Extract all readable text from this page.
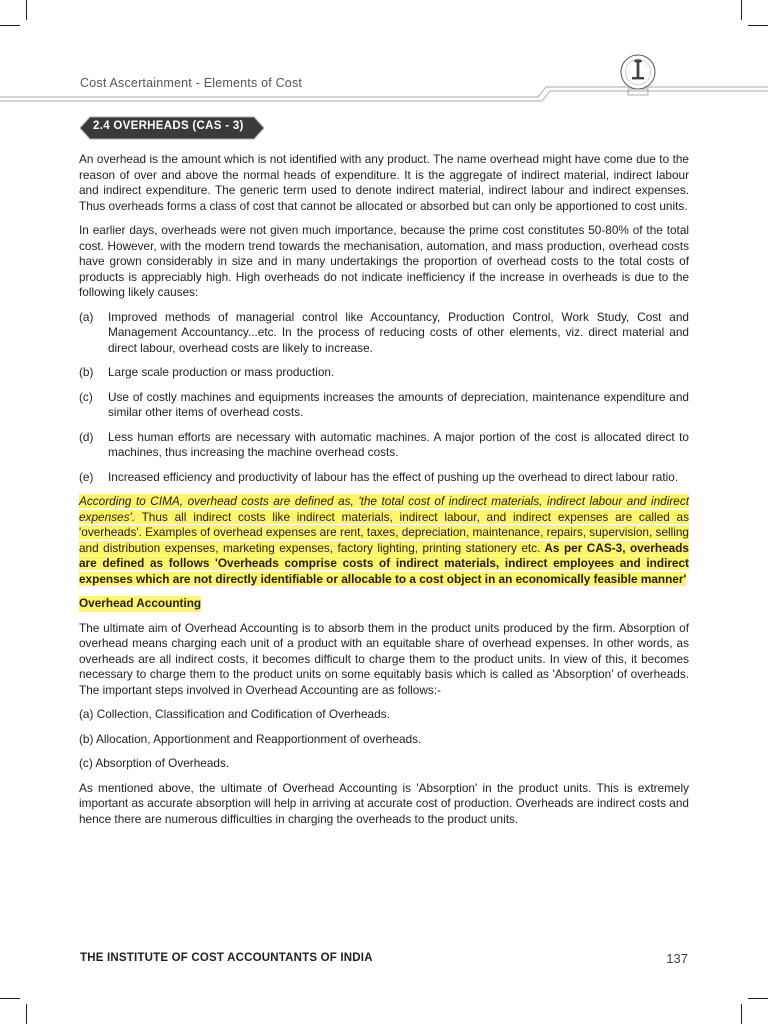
Cost Ascertainment - Elements of Cost
2.4 OVERHEADS (CAS - 3)

An overhead is the amount which is not identified with any product. The name overhead might have come due to the reason of over and above the normal heads of expenditure. It is the aggregate of indirect material, indirect labour and indirect expenditure. The generic term used to denote indirect material, indirect labour and indirect expenses. Thus overheads forms a class of cost that cannot be allocated or absorbed but can only be apportioned to cost units.

In earlier days, overheads were not given much importance, because the prime cost constitutes 50-80% of the total cost. However, with the modern trend towards the mechanisation, automation, and mass production, overhead costs have grown considerably in size and in many undertakings the proportion of overhead costs to the total costs of products is appreciably high. High overheads do not indicate inefficiency if the increase in overheads is due to the following likely causes:

(a)	Improved methods of managerial control like Accountancy, Production Control, Work Study, Cost and Management Accountancy...etc. In the process of reducing costs of other elements, viz. direct material and direct labour, overhead costs are likely to increase.
(b)	Large scale production or mass production.
(c)	Use of costly machines and equipments increases the amounts of depreciation, maintenance expenditure and similar other items of overhead costs.
(d)	Less human efforts are necessary with automatic machines. A major portion of the cost is allocated direct to machines, thus increasing the machine overhead costs.
(e)	Increased efficiency and productivity of labour has the effect of pushing up the overhead to direct labour ratio.

According to CIMA, overhead costs are defined as, 'the total cost of indirect materials, indirect labour and indirect expenses'. Thus all indirect costs like indirect materials, indirect labour, and indirect expenses are called as 'overheads'. Examples of overhead expenses are rent, taxes, depreciation, maintenance, repairs, supervision, selling and distribution expenses, marketing expenses, factory lighting, printing stationery etc. As per CAS-3, overheads are defined as follows 'Overheads comprise costs of indirect materials, indirect employees and indirect expenses which are not directly identifiable or allocable to a cost object in an economically feasible manner'

Overhead Accounting

The ultimate aim of Overhead Accounting is to absorb them in the product units produced by the firm. Absorption of overhead means charging each unit of a product with an equitable share of overhead expenses. In other words, as overheads are all indirect costs, it becomes difficult to charge them to the product units. In view of this, it becomes necessary to charge them to the product units on some equitably basis which is called as 'Absorption' of overheads. The important steps involved in Overhead Accounting are as follows:-

(a) Collection, Classification and Codification of Overheads.

(b) Allocation, Apportionment and Reapportionment of overheads.

(c) Absorption of Overheads.

As mentioned above, the ultimate of Overhead Accounting is 'Absorption' in the product units. This is extremely important as accurate absorption will help in arriving at accurate cost of production. Overheads are indirect costs and hence there are numerous difficulties in charging the overheads to the product units.

THE INSTITUTE OF COST ACCOUNTANTS OF INDIA	137
